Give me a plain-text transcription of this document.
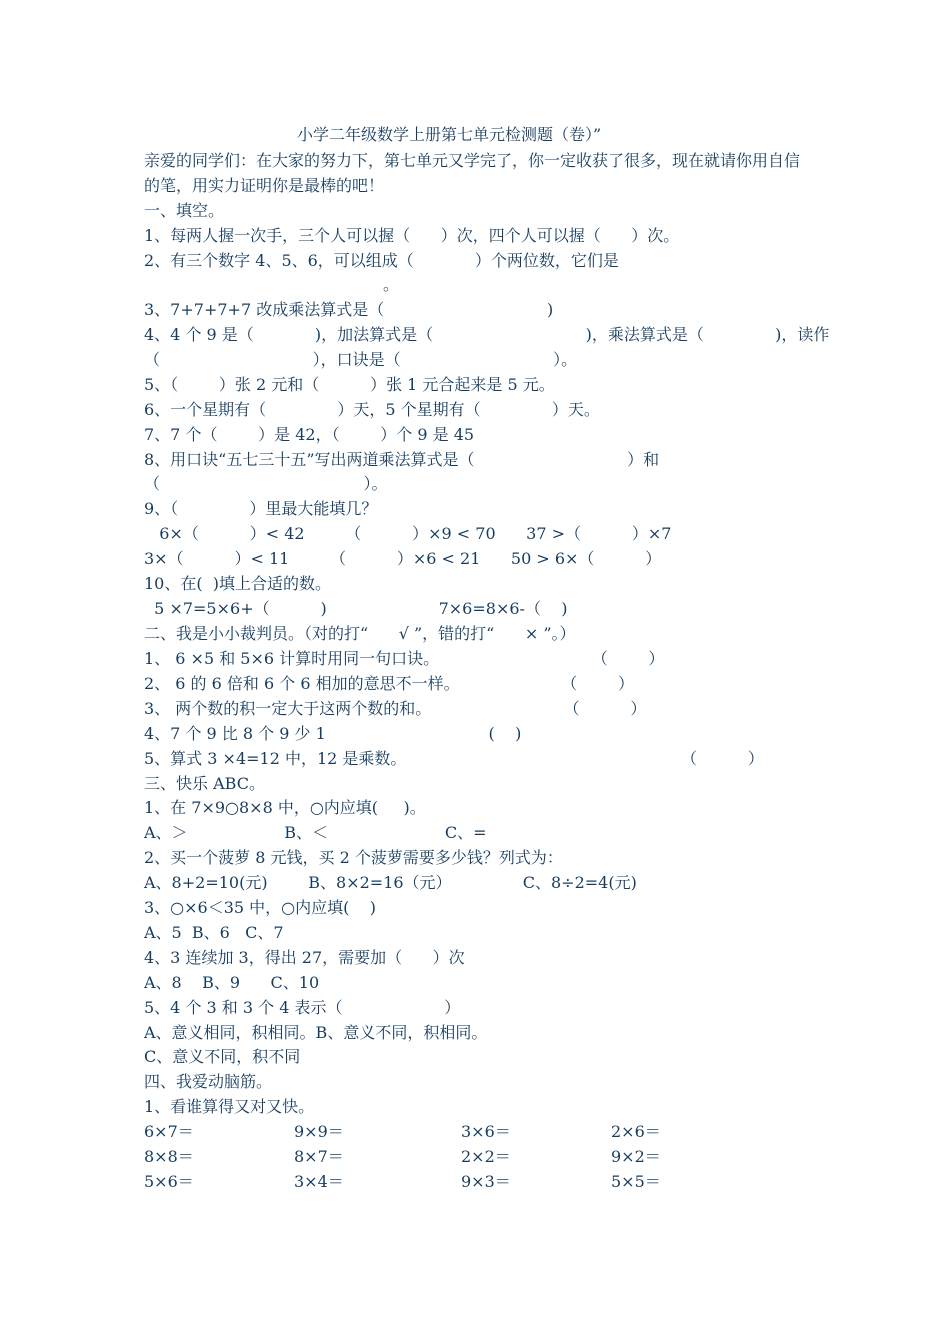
小学二年级数学上册第七单元检测题（卷）”
亲爱的同学们：在大家的努力下，第七单元又学完了，你一定收获了很多，现在就请你用自信
的笔，用实力证明你是最棒的吧！
一、填空。
1、每两人握一次手，三个人可以握（      ）次，四个人可以握（      ）次。
2、有三个数字 4、5、6，可以组成（            ）个两位数，它们是
。
3、7+7+7+7 改成乘法算式是（                                )
4、4 个 9 是（            )，加法算式是（                              )，乘法算式是（              )，读作
（                              ），口诀是（                              ）。
5、（        ）张 2 元和（          ）张 1 元合起来是 5 元。
6、一个星期有（              ）天，5 个星期有（              ）天。
7、7 个（        ）是 42，（        ）个 9 是 45
8、用口诀“五七三十五”写出两道乘法算式是（                              ）和
（                                        ）。
9、（              ）里最大能填几？
6×（          ）< 42        （          ）×9 < 70      37 >（          ）×7
3×（          ）< 11        （          ）×6 < 21      50 > 6×（          ）
10、在(  )填上合适的数。
5 ×7=5×6+（          )                      7×6=8×6-（    )
二、我是小小裁判员。（对的打“      √ ”，错的打“      × ”。）
1、 6 ×5 和 5×6 计算时用同一句口诀。                              （        ）
2、 6 的 6 倍和 6 个 6 相加的意思不一样。                    （        ）
3、 两个数的积一定大于这两个数的和。                          （          ）
4、7 个 9 比 8 个 9 少 1                                (    )
5、算式 3 ×4=12 中，12 是乘数。                                                      （          ）
三、快乐 ABC。
1、在 7×9○8×8 中，○内应填(     )。
A、＞                   B、＜                       C、=
2、买一个菠萝 8 元钱，买 2 个菠萝需要多少钱？列式为：
A、8+2=10(元)        B、8×2=16（元）              C、8÷2=4(元)
3、○×6＜35 中，○内应填(    )
A、5  B、6   C、7
4、3 连续加 3，得出 27，需要加（      ）次
A、8    B、9      C、10
5、4 个 3 和 3 个 4 表示（                    ）
A、意义相同，积相同。B、意义不同，积相同。
C、意义不同，积不同
四、我爱动脑筋。
1、看谁算得又对又快。
6×7＝	9×9＝	3×6＝	2×6＝
8×8＝	8×7＝	2×2＝	9×2＝
5×6＝	3×4＝	9×3＝	5×5＝
